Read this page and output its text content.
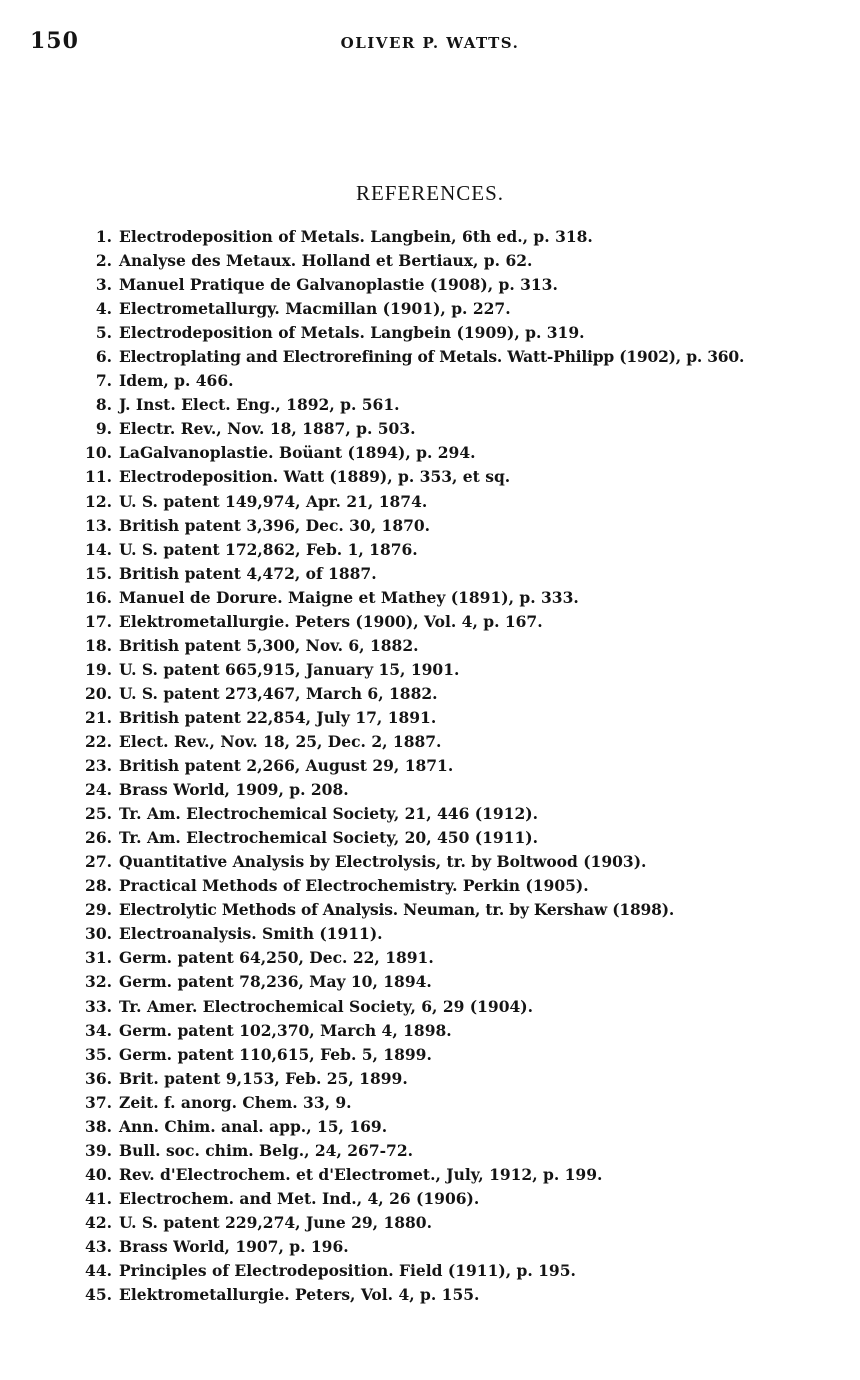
150	OLIVER P. WATTS.
REFERENCES.
1. Electrodeposition of Metals. Langbein, 6th ed., p. 318.
2. Analyse des Metaux. Holland et Bertiaux, p. 62.
3. Manuel Pratique de Galvanoplastie (1908), p. 313.
4. Electrometallurgy. Macmillan (1901), p. 227.
5. Electrodeposition of Metals. Langbein (1909), p. 319.
6. Electroplating and Electrorefining of Metals. Watt-Philipp (1902), p. 360.
7. Idem, p. 466.
8. J. Inst. Elect. Eng., 1892, p. 561.
9. Electr. Rev., Nov. 18, 1887, p. 503.
10. LaGalvanoplastie. Boüant (1894), p. 294.
11. Electrodeposition. Watt (1889), p. 353, et sq.
12. U. S. patent 149,974, Apr. 21, 1874.
13. British patent 3,396, Dec. 30, 1870.
14. U. S. patent 172,862, Feb. 1, 1876.
15. British patent 4,472, of 1887.
16. Manuel de Dorure. Maigne et Mathey (1891), p. 333.
17. Elektrometallurgie. Peters (1900), Vol. 4, p. 167.
18. British patent 5,300, Nov. 6, 1882.
19. U. S. patent 665,915, January 15, 1901.
20. U. S. patent 273,467, March 6, 1882.
21. British patent 22,854, July 17, 1891.
22. Elect. Rev., Nov. 18, 25, Dec. 2, 1887.
23. British patent 2,266, August 29, 1871.
24. Brass World, 1909, p. 208.
25. Tr. Am. Electrochemical Society, 21, 446 (1912).
26. Tr. Am. Electrochemical Society, 20, 450 (1911).
27. Quantitative Analysis by Electrolysis, tr. by Boltwood (1903).
28. Practical Methods of Electrochemistry. Perkin (1905).
29. Electrolytic Methods of Analysis. Neuman, tr. by Kershaw (1898).
30. Electroanalysis. Smith (1911).
31. Germ. patent 64,250, Dec. 22, 1891.
32. Germ. patent 78,236, May 10, 1894.
33. Tr. Amer. Electrochemical Society, 6, 29 (1904).
34. Germ. patent 102,370, March 4, 1898.
35. Germ. patent 110,615, Feb. 5, 1899.
36. Brit. patent 9,153, Feb. 25, 1899.
37. Zeit. f. anorg. Chem. 33, 9.
38. Ann. Chim. anal. app., 15, 169.
39. Bull. soc. chim. Belg., 24, 267-72.
40. Rev. d'Electrochem. et d'Electromet., July, 1912, p. 199.
41. Electrochem. and Met. Ind., 4, 26 (1906).
42. U. S. patent 229,274, June 29, 1880.
43. Brass World, 1907, p. 196.
44. Principles of Electrodeposition. Field (1911), p. 195.
45. Elektrometallurgie. Peters, Vol. 4, p. 155.
